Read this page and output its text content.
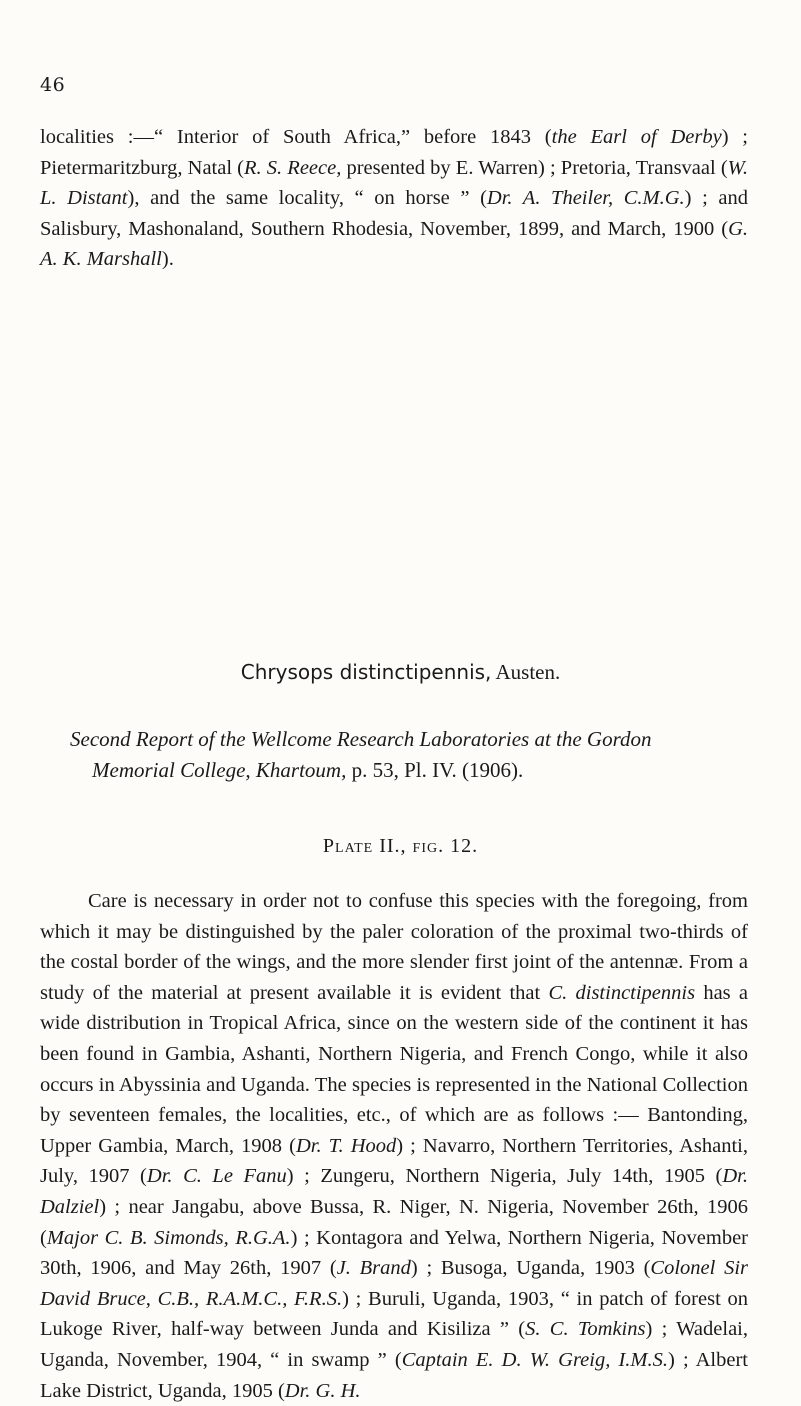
46

localities :—“ Interior of South Africa,” before 1843 (the Earl of Derby) ; Pietermaritzburg, Natal (R. S. Reece, presented by E. Warren) ; Pretoria, Transvaal (W. L. Distant), and the same locality, “ on horse ” (Dr. A. Theiler, C.M.G.) ; and Salisbury, Mashonaland, Southern Rhodesia, November, 1899, and March, 1900 (G. A. K. Marshall).

Chrysops distinctipennis, Austen.
Second Report of the Wellcome Research Laboratories at the Gordon
Memorial College, Khartoum, p. 53, Pl. IV. (1906).
Plate II., fig. 12.

Care is necessary in order not to confuse this species with the foregoing, from which it may be distinguished by the paler coloration of the proximal two-thirds of the costal border of the wings, and the more slender first joint of the antennæ. From a study of the material at present available it is evident that C. distinctipennis has a wide distribution in Tropical Africa, since on the western side of the continent it has been found in Gambia, Ashanti, Northern Nigeria, and French Congo, while it also occurs in Abyssinia and Uganda. The species is represented in the National Collection by seventeen females, the localities, etc., of which are as follows :— Bantonding, Upper Gambia, March, 1908 (Dr. T. Hood) ; Navarro, Northern Territories, Ashanti, July, 1907 (Dr. C. Le Fanu) ; Zungeru, Northern Nigeria, July 14th, 1905 (Dr. Dalziel) ; near Jangabu, above Bussa, R. Niger, N. Nigeria, November 26th, 1906 (Major C. B. Simonds, R.G.A.) ; Kontagora and Yelwa, Northern Nigeria, November 30th, 1906, and May 26th, 1907 (J. Brand) ; Busoga, Uganda, 1903 (Colonel Sir David Bruce, C.B., R.A.M.C., F.R.S.) ; Buruli, Uganda, 1903, “ in patch of forest on Lukoge River, half-way between Junda and Kisiliza ” (S. C. Tomkins) ; Wadelai, Uganda, November, 1904, “ in swamp ” (Captain E. D. W. Greig, I.M.S.) ; Albert Lake District, Uganda, 1905 (Dr. G. H.
